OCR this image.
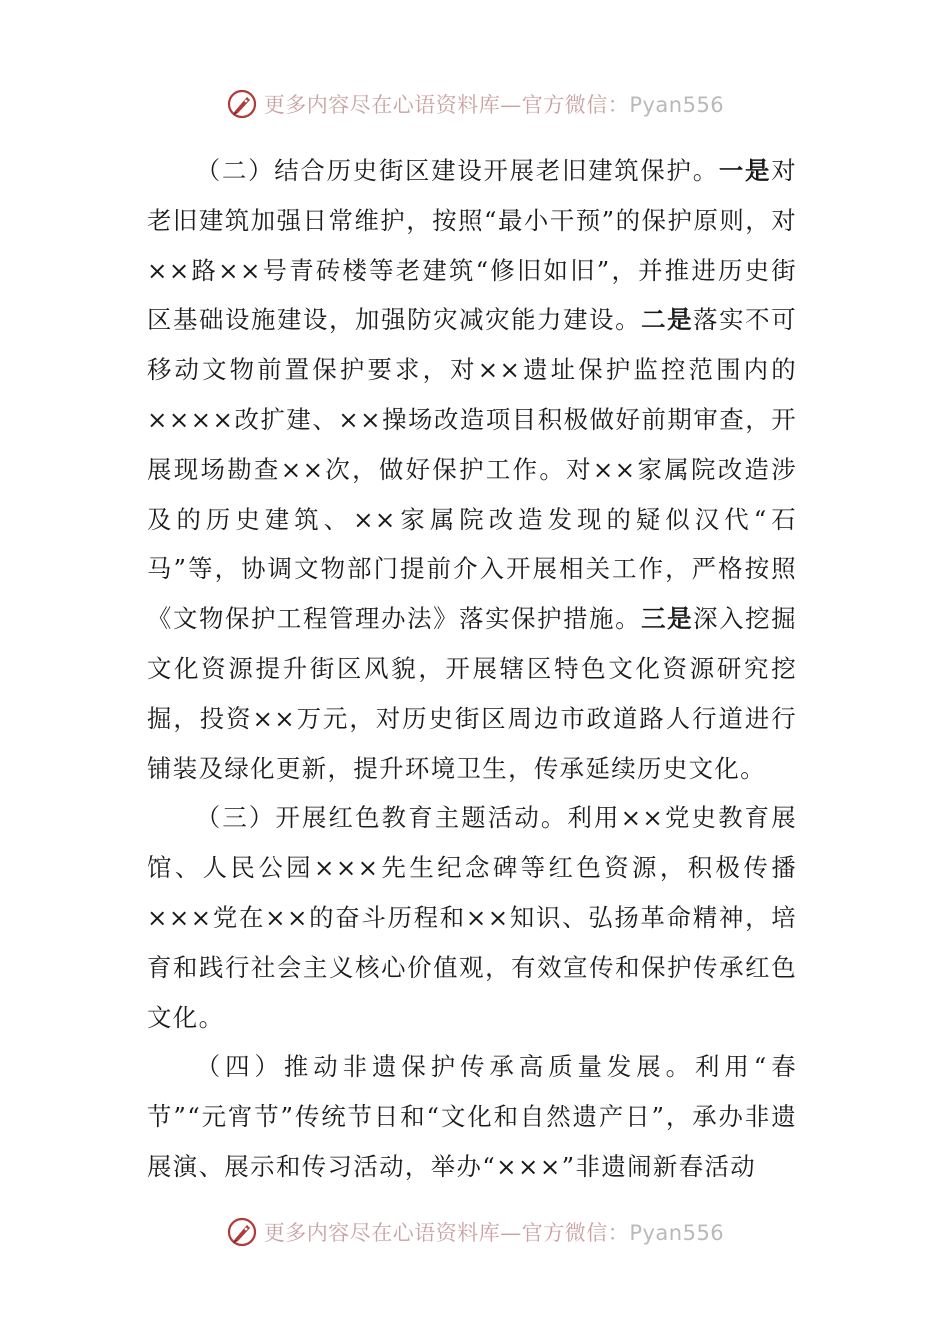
更多内容尽在心语资料库—官方微信：Pyan556

（二）结合历史街区建设开展老旧建筑保护。一是对老旧建筑加强日常维护，按照“最小干预”的保护原则，对××路××号青砖楼等老建筑“修旧如旧”，并推进历史街区基础设施建设，加强防灾减灾能力建设。二是落实不可移动文物前置保护要求，对××遗址保护监控范围内的××××改扩建、××操场改造项目积极做好前期审查，开展现场勘查××次，做好保护工作。对××家属院改造涉及的历史建筑、××家属院改造发现的疑似汉代“石马”等，协调文物部门提前介入开展相关工作，严格按照《文物保护工程管理办法》落实保护措施。三是深入挖掘文化资源提升街区风貌，开展辖区特色文化资源研究挖掘，投资××万元，对历史街区周边市政道路人行道进行铺装及绿化更新，提升环境卫生，传承延续历史文化。

（三）开展红色教育主题活动。利用××党史教育展馆、人民公园×××先生纪念碑等红色资源，积极传播×××党在××的奋斗历程和××知识、弘扬革命精神，培育和践行社会主义核心价值观，有效宣传和保护传承红色文化。

（四）推动非遗保护传承高质量发展。利用“春节”“元宵节”传统节日和“文化和自然遗产日”，承办非遗展演、展示和传习活动，举办“×××”非遗闹新春活动

更多内容尽在心语资料库—官方微信：Pyan556
